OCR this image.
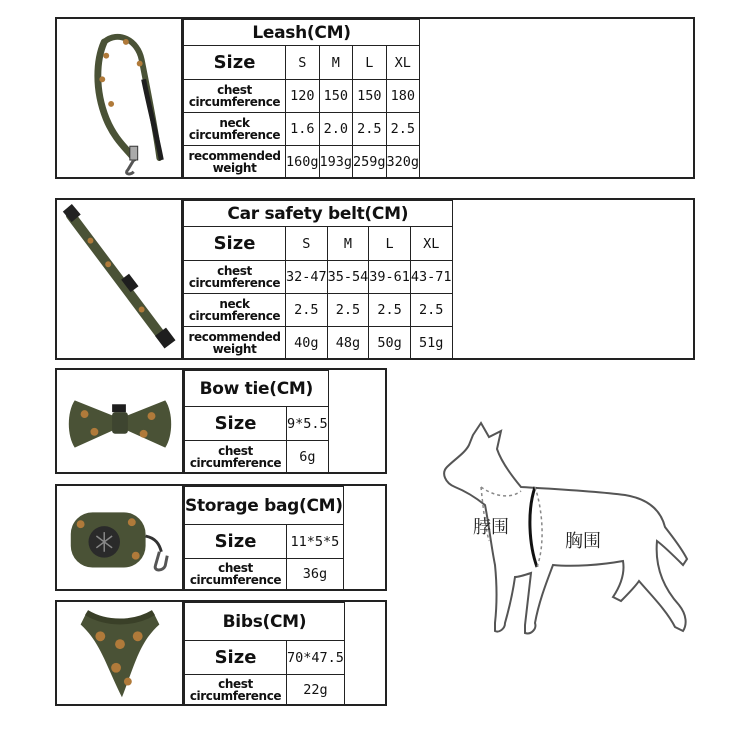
Leash(CM)				
Size	S	M	L	XL
chest circumference	120	150	150	180
neck circumference	1.6	2.0	2.5	2.5
recommended weight	160g	193g	259g	320g
Car safety belt(CM)				
Size	S	M	L	XL
chest circumference	32-47	35-54	39-61	43-71
neck circumference	2.5	2.5	2.5	2.5
recommended weight	40g	48g	50g	51g
Bow tie(CM)	
Size	9*5.5
chest circumference	6g
Storage bag(CM)	
Size	11*5*5
chest circumference	36g
Bibs(CM)	
Size	70*47.5
chest circumference	22g
脖围
胸围
